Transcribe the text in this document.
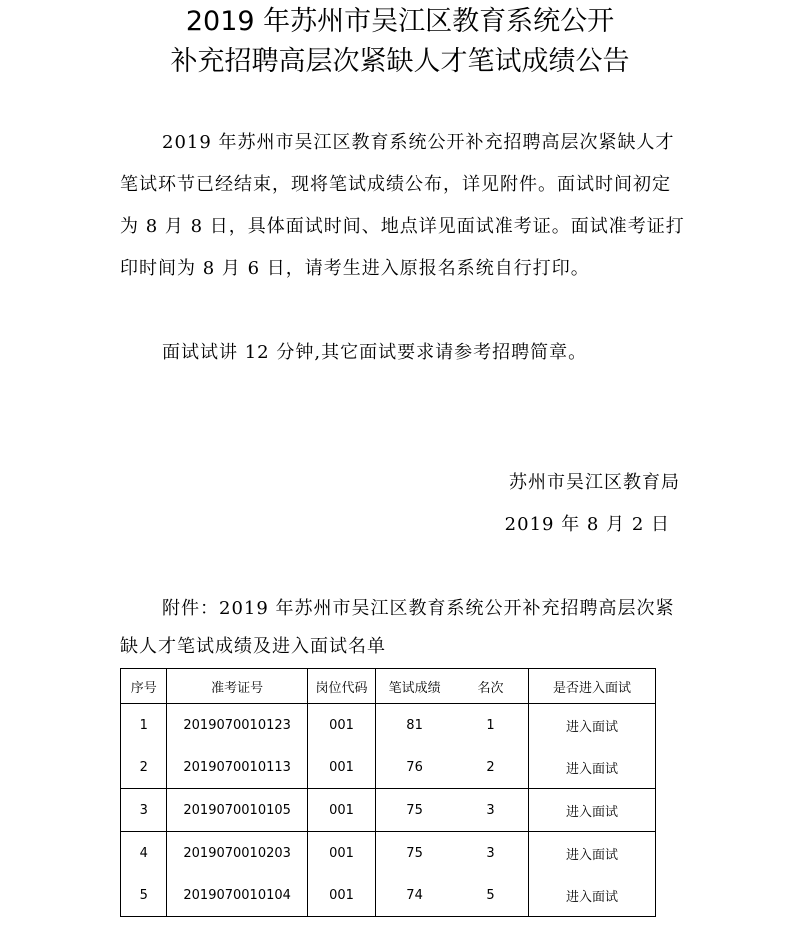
2019 年苏州市吴江区教育系统公开
补充招聘高层次紧缺人才笔试成绩公告
2019 年苏州市吴江区教育系统公开补充招聘高层次紧缺人才笔试环节已经结束，现将笔试成绩公布，详见附件。面试时间初定为 8 月 8 日，具体面试时间、地点详见面试准考证。面试准考证打印时间为 8 月 6 日，请考生进入原报名系统自行打印。
面试试讲 12 分钟,其它面试要求请参考招聘简章。
苏州市吴江区教育局
2019 年 8 月 2 日
附件：2019 年苏州市吴江区教育系统公开补充招聘高层次紧缺人才笔试成绩及进入面试名单
序号	准考证号	岗位代码	笔试成绩	名次	是否进入面试
1	2019070010123	001	81	1	进入面试
2	2019070010113	001	76	2	进入面试
3	2019070010105	001	75	3	进入面试
4	2019070010203	001	75	3	进入面试
5	2019070010104	001	74	5	进入面试
